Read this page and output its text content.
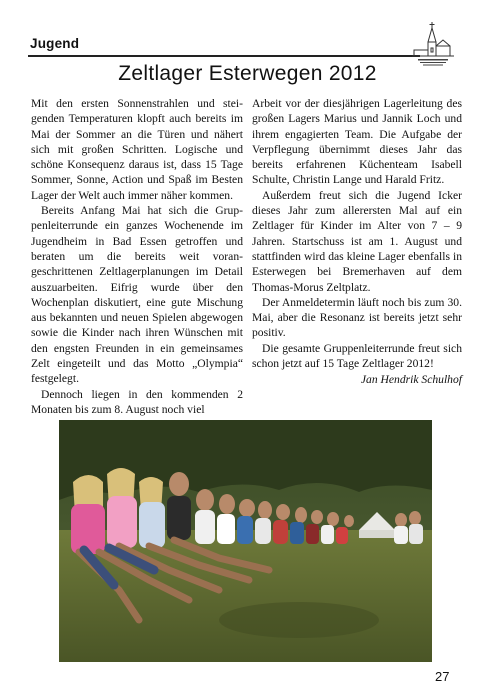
Jugend
Zeltlager Esterwegen 2012

Mit den ersten Sonnenstrahlen und steigenden Temperaturen klopft auch bereits im Mai der Sommer an die Türen und nähert sich mit großen Schritten. Logische und schöne Konsequenz daraus ist, dass 15 Tage Sommer, Sonne, Action und Spaß im Besten Lager der Welt auch immer näher kommen.

Bereits Anfang Mai hat sich die Gruppenleiterrunde ein ganzes Wochenende im Jugendheim in Bad Essen getroffen und beraten um die bereits weit vorangeschrittenen Zeltlagerplanungen im Detail auszuarbeiten. Eifrig wurde über den Wochenplan diskutiert, eine gute Mischung aus bekannten und neuen Spielen abgewogen sowie die Kinder nach ihren Wünschen mit den engsten Freunden in ein gemeinsames Zelt eingeteilt und das Motto „Olympia“ festgelegt.

Dennoch liegen in den kommenden 2 Monaten bis zum 8. August noch viel

Arbeit vor der diesjährigen Lagerleitung des großen Lagers Marius und Jannik Loch und ihrem engagierten Team. Die Aufgabe der Verpflegung übernimmt dieses Jahr das bereits erfahrenen Küchenteam Isabell Schulte, Christin Lange und Harald Fritz.

Außerdem freut sich die Jugend Icker dieses Jahr zum allerersten Mal auf ein Zeltlager für Kinder im Alter von 7 – 9 Jahren. Startschuss ist am 1. August und stattfinden wird das kleine Lager ebenfalls in Esterwegen bei Bremerhaven auf dem Thomas-Morus Zeltplatz.

Der Anmeldetermin läuft noch bis zum 30. Mai, aber die Resonanz ist bereits jetzt sehr positiv.

Die gesamte Gruppenleiterrunde freut sich schon jetzt auf 15 Tage Zeltlager 2012!

Jan Hendrik Schulhof

27
